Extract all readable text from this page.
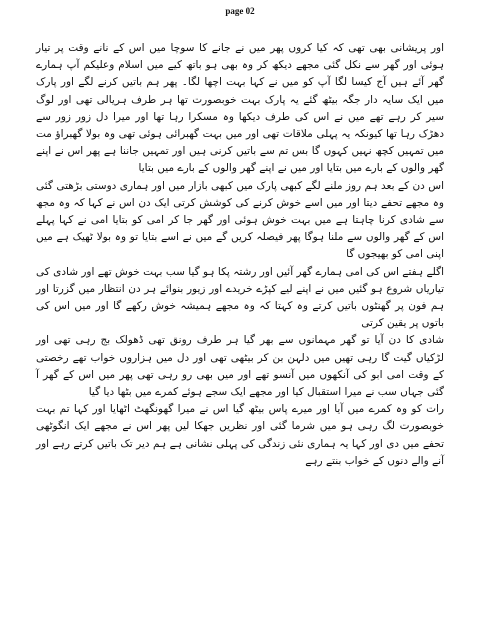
page 02

اور پریشانی بھی تھی کہ کیا کروں پھر میں نے جانے کا سوچا میں اس کے نانے وقت پر تیار ہوئی اور گھر سے نکل گئی مجھے دیکھ کر وہ بھی ہو باتھ کیے میں اسلام وعلیکم آپ ہمارے گھر آئے ہیں آج کیسا لگا آپ کو میں نے کہا بہت اچھا لگا۔ پھر ہم باتیں کرنے لگے اور پارک میں ایک سایہ دار جگہ بیٹھ گئے یہ پارک بہت خوبصورت تھا ہر طرف ہریالی تھی اور لوگ سیر کر رہے تھے میں نے اس کی طرف دیکھا وہ مسکرا رہا تھا اور میرا دل زور زور سے دھڑک رہا تھا کیونکہ یہ پہلی ملاقات تھی اور میں بہت گھبرائی ہوئی تھی وہ بولا گھبراؤ مت میں تمہیں کچھ نہیں کہوں گا بس تم سے باتیں کرنی ہیں اور تمہیں جاننا ہے پھر اس نے اپنے گھر والوں کے بارے میں بتایا اور میں نے اپنے گھر والوں کے بارے میں بتایا

اس دن کے بعد ہم روز ملنے لگے کبھی پارک میں کبھی بازار میں اور ہماری دوستی بڑھتی گئی وہ مجھے تحفے دیتا اور میں اسے خوش کرنے کی کوشش کرتی ایک دن اس نے کہا کہ وہ مجھ سے شادی کرنا چاہتا ہے میں بہت خوش ہوئی اور گھر جا کر امی کو بتایا امی نے کہا پہلے اس کے گھر والوں سے ملنا ہوگا پھر فیصلہ کریں گے میں نے اسے بتایا تو وہ بولا ٹھیک ہے میں اپنی امی کو بھیجوں گا

اگلے ہفتے اس کی امی ہمارے گھر آئیں اور رشتہ پکا ہو گیا سب بہت خوش تھے اور شادی کی تیاریاں شروع ہو گئیں میں نے اپنے لیے کپڑے خریدے اور زیور بنوائے ہر دن انتظار میں گزرتا اور ہم فون پر گھنٹوں باتیں کرتے وہ کہتا کہ وہ مجھے ہمیشہ خوش رکھے گا اور میں اس کی باتوں پر یقین کرتی

شادی کا دن آیا تو گھر مہمانوں سے بھر گیا ہر طرف رونق تھی ڈھولک بج رہی تھی اور لڑکیاں گیت گا رہی تھیں میں دلہن بن کر بیٹھی تھی اور دل میں ہزاروں خواب تھے رخصتی کے وقت امی ابو کی آنکھوں میں آنسو تھے اور میں بھی رو رہی تھی پھر میں اس کے گھر آ گئی جہاں سب نے میرا استقبال کیا اور مجھے ایک سجے ہوئے کمرے میں بٹھا دیا گیا

رات کو وہ کمرے میں آیا اور میرے پاس بیٹھ گیا اس نے میرا گھونگھٹ اٹھایا اور کہا تم بہت خوبصورت لگ رہی ہو میں شرما گئی اور نظریں جھکا لیں پھر اس نے مجھے ایک انگوٹھی تحفے میں دی اور کہا یہ ہماری نئی زندگی کی پہلی نشانی ہے ہم دیر تک باتیں کرتے رہے اور آنے والے دنوں کے خواب بنتے رہے
